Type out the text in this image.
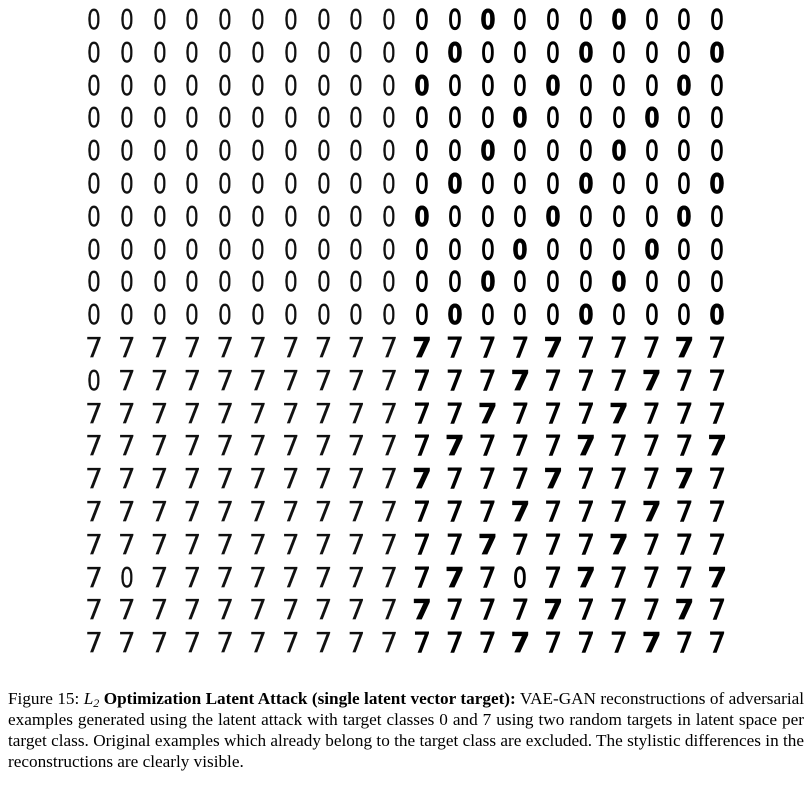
0 0 0 0 0 0 0 0 0 0 0 0 0 0 0 0 0 0 0 0
0 0 0 0 0 0 0 0 0 0 0 0 0 0 0 0 0 0 0 0
0 0 0 0 0 0 0 0 0 0 0 0 0 0 0 0 0 0 0 0
0 0 0 0 0 0 0 0 0 0 0 0 0 0 0 0 0 0 0 0
0 0 0 0 0 0 0 0 0 0 0 0 0 0 0 0 0 0 0 0
0 0 0 0 0 0 0 0 0 0 0 0 0 0 0 0 0 0 0 0
0 0 0 0 0 0 0 0 0 0 0 0 0 0 0 0 0 0 0 0
0 0 0 0 0 0 0 0 0 0 0 0 0 0 0 0 0 0 0 0
0 0 0 0 0 0 0 0 0 0 0 0 0 0 0 0 0 0 0 0
0 0 0 0 0 0 0 0 0 0 0 0 0 0 0 0 0 0 0 0
7 7 7 7 7 7 7 7 7 7 7 7 7 7 7 7 7 7 7 7
0 7 7 7 7 7 7 7 7 7 7 7 7 7 7 7 7 7 7 7
7 7 7 7 7 7 7 7 7 7 7 7 7 7 7 7 7 7 7 7
7 7 7 7 7 7 7 7 7 7 7 7 7 7 7 7 7 7 7 7
7 7 7 7 7 7 7 7 7 7 7 7 7 7 7 7 7 7 7 7
7 7 7 7 7 7 7 7 7 7 7 7 7 7 7 7 7 7 7 7
7 7 7 7 7 7 7 7 7 7 7 7 7 7 7 7 7 7 7 7
7 0 7 7 7 7 7 7 7 7 7 7 7 0 7 7 7 7 7 7
7 7 7 7 7 7 7 7 7 7 7 7 7 7 7 7 7 7 7 7
7 7 7 7 7 7 7 7 7 7 7 7 7 7 7 7 7 7 7 7

Figure 15: $L_2$ Optimization Latent Attack (single latent vector target): VAE-GAN reconstructions of adversarial examples generated using the latent attack with target classes 0 and 7 using two random targets in latent space per target class. Original examples which already belong to the target class are excluded. The stylistic differences in the reconstructions are clearly visible.
